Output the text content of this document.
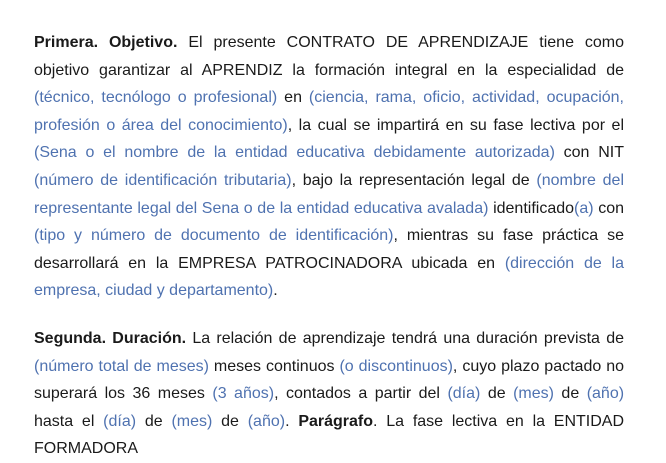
Primera. Objetivo. El presente CONTRATO DE APRENDIZAJE tiene como objetivo garantizar al APRENDIZ la formación integral en la especialidad de (técnico, tecnólogo o profesional) en (ciencia, rama, oficio, actividad, ocupación, profesión o área del conocimiento), la cual se impartirá en su fase lectiva por el (Sena o el nombre de la entidad educativa debidamente autorizada) con NIT (número de identificación tributaria), bajo la representación legal de (nombre del representante legal del Sena o de la entidad educativa avalada) identificado(a) con (tipo y número de documento de identificación), mientras su fase práctica se desarrollará en la EMPRESA PATROCINADORA ubicada en (dirección de la empresa, ciudad y departamento).

Segunda. Duración. La relación de aprendizaje tendrá una duración prevista de (número total de meses) meses continuos (o discontinuos), cuyo plazo pactado no superará los 36 meses (3 años), contados a partir del (día) de (mes) de (año) hasta el (día) de (mes) de (año). Parágrafo. La fase lectiva en la ENTIDAD FORMADORA
